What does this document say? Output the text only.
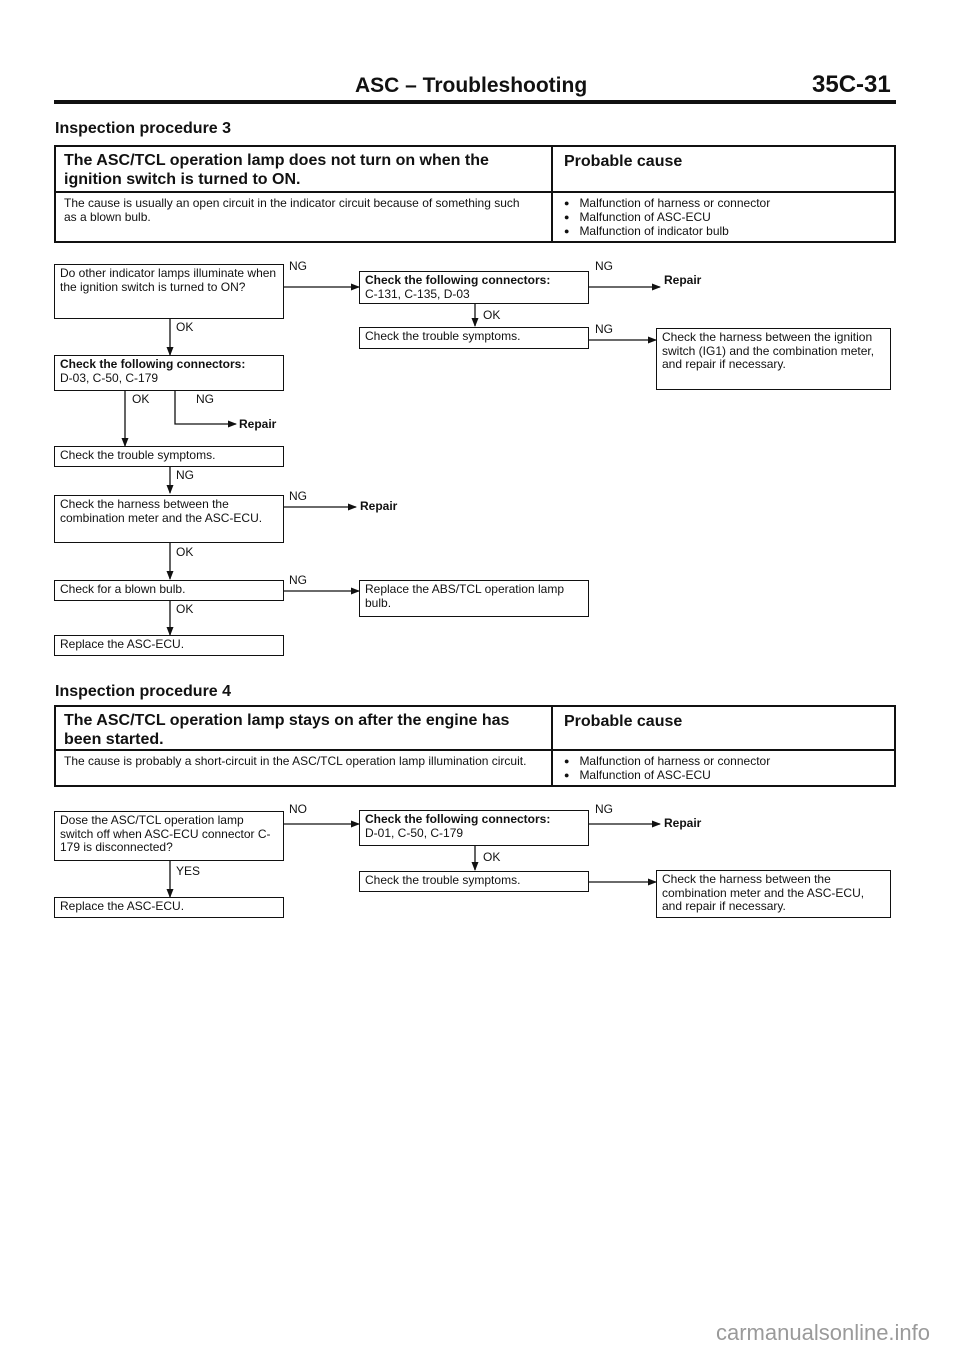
ASC – Troubleshooting	35C-31
Inspection procedure 3
The ASC/TCL operation lamp does not turn on when the ignition switch is turned to ON.
Probable cause
The cause is usually an open circuit in the indicator circuit because of something such as a blown bulb.
● Malfunction of harness or connector
● Malfunction of ASC-ECU
● Malfunction of indicator bulb
Do other indicator lamps illuminate when the ignition switch is turned to ON?	Check the following connectors:
C-131, C-135, D-03
Check the trouble symptoms.	Check the harness between the ignition switch (IG1) and the combination meter, and repair if necessary.
Check the following connectors:
D-03, C-50, C-179
Check the trouble symptoms.
Check the harness between the combination meter and the ASC-ECU.
Check for a blown bulb.	Replace the ABS/TCL operation lamp bulb.
Replace the ASC-ECU.
NG	NG
Repair
OK
OK	NG
OK	NG
Repair
NG
NG
Repair
OK
NG
OK
Inspection procedure 4
The ASC/TCL operation lamp stays on after the engine has been started.
Probable cause
The cause is probably a short-circuit in the ASC/TCL operation lamp illumination circuit.
●	Malfunction of harness or connector
● Malfunction of ASC-ECU
Dose the ASC/TCL operation lamp switch off when ASC-ECU connector C-179 is disconnected?
Check the following connectors:
D-01, C-50, C-179
Check the trouble symptoms.	Check the harness between the combination meter and the ASC-ECU, and repair if necessary.
Replace the ASC-ECU.
NO	NG
Repair
OK
YES
carmanualsonline.info
